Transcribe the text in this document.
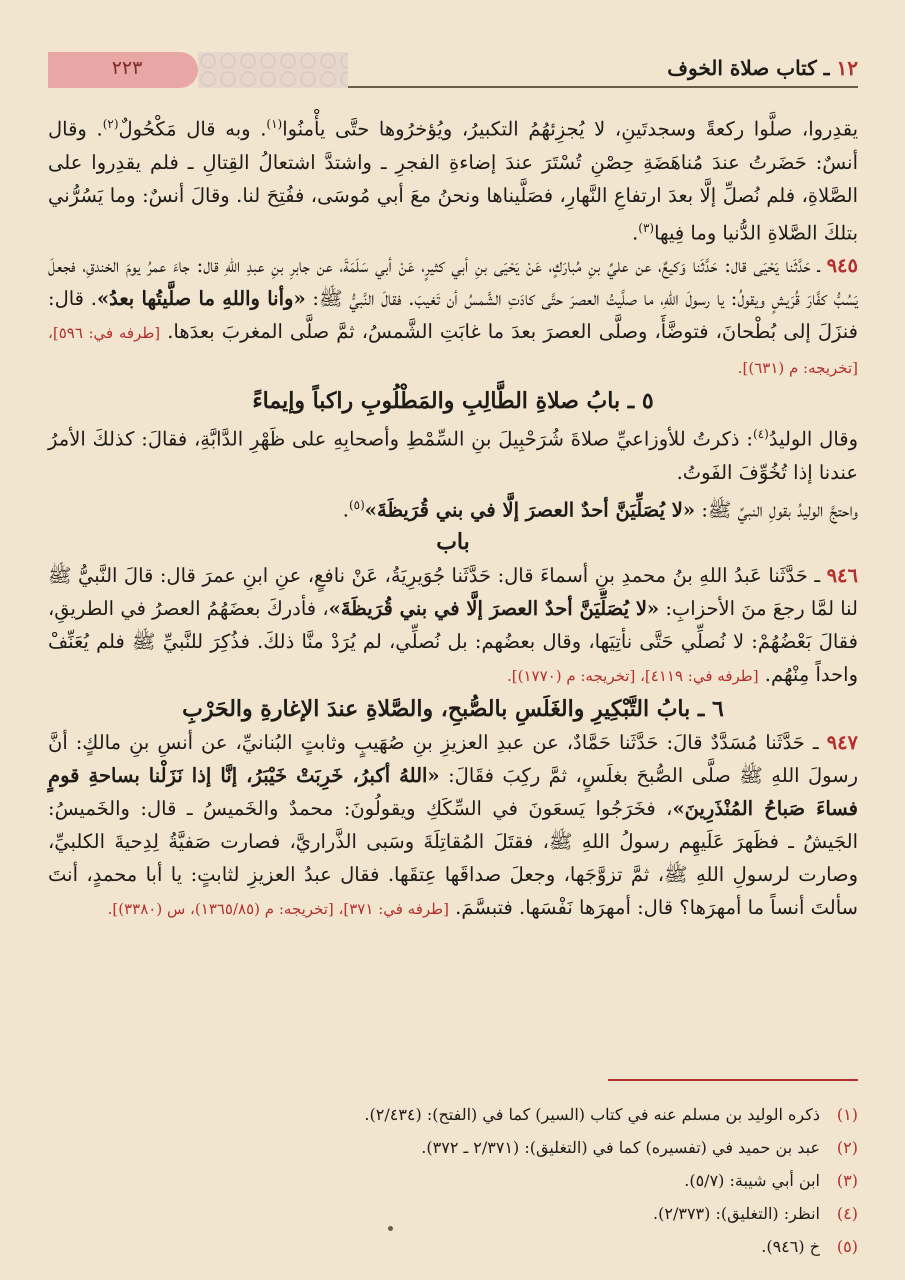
٢٢٣	١٢ ـ كتاب صلاة الخوف

يقدِروا، صلَّوا ركعةً وسجدتَينِ، لا يُجزِئهُمُ التكبيرُ، ويُؤخرُوها حتَّى يأْمنُوا$^{(١)}$. وبه قال مَكْحُولٌ$^{(٢)}$. وقال أنسٌ: حَضَرتُ عندَ مُناهَضَةِ حِصْنِ تُسْتَرَ عندَ إضاءةِ الفجرِ ـ واشتدَّ اشتعالُ القِتالِ ـ فلم يقدِروا على الصَّلاةِ، فلم نُصلِّ إلَّا بعدَ ارتفاعِ النَّهارِ، فصَلَّيناها ونحنُ معَ أبي مُوسَى، ففُتِحَ لنا. وقالَ أنسٌ: وما يَسُرُّني بتلكَ الصَّلاةِ الدُّنيا وما فِيها$^{(٣)}$.

٩٤٥ ـ حَدَّثَنا يَحْيَى قال: حَدَّثَنا وَكيعٌ، عن عليِّ بنِ مُبارَكٍ، عَنْ يَحْيَى بنِ أبي كثيرٍ، عَنْ أبي سَلَمَةَ، عن جابرِ بنِ عبدِ اللهِ قال: جاءَ عمرُ يومَ الخندقِ، فجعلَ يَسُبُّ كفَّارَ قُرَيشٍ ويقولُ: يا رسولَ اللهِ، ما صلَّيتُ العصرَ حتَّى كادَتِ الشَّمسُ أن تَغيبَ. فقالَ النَّبيُّ ﷺ: «وأنا واللهِ ما صلَّيتُها بعدُ». قال: فنزَلَ إلى بُطْحانَ، فتوضَّأَ، وصلَّى العصرَ بعدَ ما غابَتِ الشَّمسُ، ثمَّ صلَّى المغربَ بعدَها. [طرفه في: ٥٩٦]، [تخريجه: م (٦٣١)].

٥ ـ بابُ صلاةِ الطَّالِبِ والمَطْلُوبِ راكباً وإيماءً

وقال الوليدُ$^{(٤)}$: ذكرتُ للأوزاعيِّ صلاةَ شُرَحْبِيلَ بنِ السِّمْطِ وأصحابِهِ على ظَهْرِ الدَّابَّةِ، فقالَ: كذلكَ الأمرُ عندنا إذا تُخُوِّفَ الفَوتُ.

واحتجَّ الوليدُ بقولِ النبيِّ ﷺ: «لا يُصَلِّيَنَّ أحدٌ العصرَ إلَّا في بني قُرَيظَةَ»$^{(٥)}$.

باب

٩٤٦ ـ حَدَّثَنا عَبدُ اللهِ بنُ محمدِ بنِ أسماءَ قال: حَدَّثَنا جُوَيرِيَةُ، عَنْ نافعٍ، عنِ ابنِ عمرَ قال: قالَ النَّبيُّ ﷺ لنا لمَّا رجعَ منَ الأحزابِ: «لا يُصَلِّيَنَّ أحدٌ العصرَ إلَّا في بني قُرَيظَةَ»، فأدركَ بعضَهُمُ العصرُ في الطريقِ، فقالَ بَعْضُهُمْ: لا نُصلِّي حَتَّى نأتِيَها، وقال بعضُهم: بل نُصلِّي، لم يُرَدْ منَّا ذلكَ. فذُكِرَ للنَّبيِّ ﷺ فلم يُعَنِّفْ واحداً مِنْهُم. [طرفه في: ٤١١٩]، [تخريجه: م (١٧٧٠)].

٦ ـ بابُ التَّبْكِيرِ والغَلَسِ بالصُّبحِ، والصَّلاةِ عندَ الإغارةِ والحَرْبِ

٩٤٧ ـ حَدَّثَنا مُسَدَّدٌ قالَ: حَدَّثَنا حَمَّادٌ، عن عبدِ العزيزِ بنِ صُهَيبٍ وثابتٍ البُنانيِّ، عن أنسِ بنِ مالكٍ: أنَّ رسولَ اللهِ ﷺ صلَّى الصُّبحَ بغلَسٍ، ثمَّ ركِبَ فقَالَ: «اللهُ أكبرُ، خَرِبَتْ خَيْبَرُ، إنَّا إذا نَزَلْنا بساحةِ قومٍ فساءَ صَباحُ المُنْذَرِينَ»، فخَرَجُوا يَسعَونَ في السِّكَكِ ويقولُونَ: محمدٌ والخَميسُ ـ قال: والخَميسُ: الجَيشُ ـ فظَهرَ عَلَيهِم رسولُ اللهِ ﷺ، فقتَلَ المُقاتِلَةَ وسَبى الذَّراريَّ، فصارت صَفيَّةُ لِدِحيةَ الكلبيِّ، وصارت لرسولِ اللهِ ﷺ، ثمَّ تزوَّجَها، وجعلَ صداقَها عِتقَها. فقال عبدُ العزيزِ لثابتٍ: يا أبا محمدٍ، أنتَ سألتَ أنساً ما أمهرَها؟ قال: أمهرَها نَفْسَها. فتبسَّمَ. [طرفه في: ٣٧١]، [تخريجه: م (١٣٦٥/٨٥)، س (٣٣٨٠)].

(١)
ذكره الوليد بن مسلم عنه في كتاب (السير) كما في (الفتح): (٢/٤٣٤).
(٢)
عبد بن حميد في (تفسيره) كما في (التغليق): (٢/٣٧١ ـ ٣٧٢).
(٣)
ابن أبي شيبة: (٥/٧).
(٤)
انظر: (التغليق): (٢/٣٧٣).
(٥)
خ (٩٤٦).
